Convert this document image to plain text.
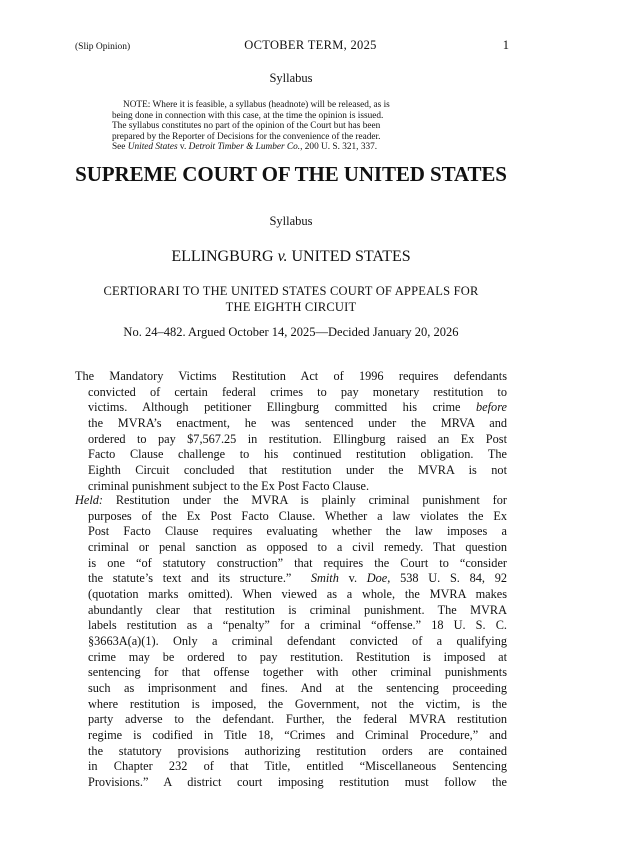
(Slip Opinion)	OCTOBER TERM, 2025	1
Syllabus
NOTE: Where it is feasible, a syllabus (headnote) will be released, as is
being done in connection with this case, at the time the opinion is issued.
The syllabus constitutes no part of the opinion of the Court but has been
prepared by the Reporter of Decisions for the convenience of the reader.
See United States v. Detroit Timber & Lumber Co., 200 U. S. 321, 337.
SUPREME COURT OF THE UNITED STATES
Syllabus
ELLINGBURG v. UNITED STATES
CERTIORARI TO THE UNITED STATES COURT OF APPEALS FOR
THE EIGHTH CIRCUIT
No. 24–482. Argued October 14, 2025—Decided January 20, 2026
The Mandatory Victims Restitution Act of 1996 requires defendants
convicted of certain federal crimes to pay monetary restitution to
victims. Although petitioner Ellingburg committed his crime before
the MVRA’s enactment, he was sentenced under the MRVA and
ordered to pay $7,567.25 in restitution. Ellingburg raised an Ex Post
Facto Clause challenge to his continued restitution obligation. The
Eighth Circuit concluded that restitution under the MVRA is not
criminal punishment subject to the Ex Post Facto Clause.
Held: Restitution under the MVRA is plainly criminal punishment for
purposes of the Ex Post Facto Clause. Whether a law violates the Ex
Post Facto Clause requires evaluating whether the law imposes a
criminal or penal sanction as opposed to a civil remedy. That question
is one “of statutory construction” that requires the Court to “consider
the statute’s text and its structure.”  Smith v. Doe, 538 U. S. 84, 92
(quotation marks omitted). When viewed as a whole, the MVRA makes
abundantly clear that restitution is criminal punishment. The MVRA
labels restitution as a “penalty” for a criminal “offense.” 18 U. S. C.
§3663A(a)(1). Only a criminal defendant convicted of a qualifying
crime may be ordered to pay restitution. Restitution is imposed at
sentencing for that offense together with other criminal punishments
such as imprisonment and fines. And at the sentencing proceeding
where restitution is imposed, the Government, not the victim, is the
party adverse to the defendant. Further, the federal MVRA restitution
regime is codified in Title 18, “Crimes and Criminal Procedure,” and
the statutory provisions authorizing restitution orders are contained
in Chapter 232 of that Title, entitled “Miscellaneous Sentencing
Provisions.” A district court imposing restitution must follow the
